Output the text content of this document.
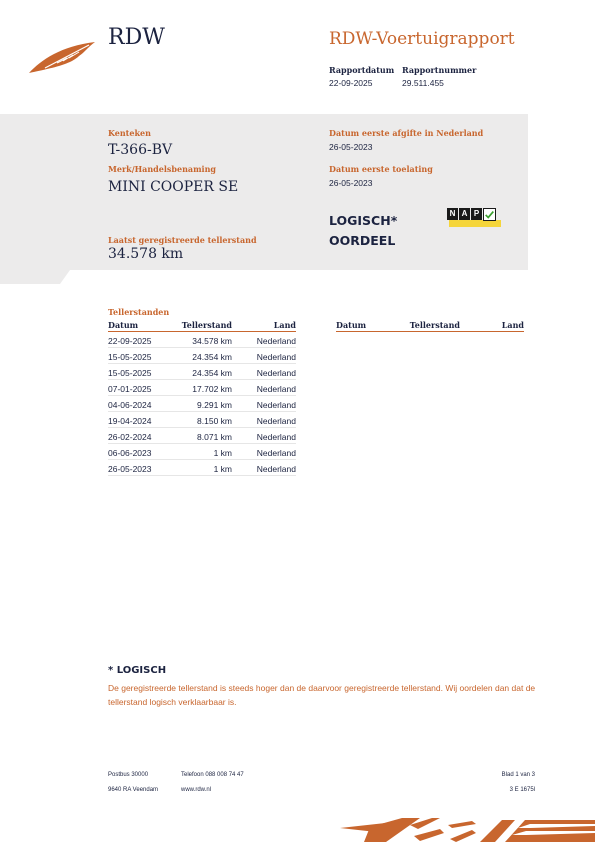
RDW	RDW-Voertuigrapport
Rapportdatum
22-09-2025
Rapportnummer
29.511.455
Kenteken
T-366-BV
Merk/Handelsbenaming
MINI COOPER SE
Laatst geregistreerde tellerstand
34.578 km
Datum eerste afgifte in Nederland
26-05-2023
Datum eerste toelating
26-05-2023
LOGISCH*
OORDEEL
N A P
Tellerstanden
Datum	Tellerstand	Land
22-09-2025	34.578 km	Nederland
15-05-2025	24.354 km	Nederland
15-05-2025	24.354 km	Nederland
07-01-2025	17.702 km	Nederland
04-06-2024	9.291 km	Nederland
19-04-2024	8.150 km	Nederland
26-02-2024	8.071 km	Nederland
06-06-2023	1 km	Nederland
26-05-2023	1 km	Nederland
Datum	Tellerstand	Land
* LOGISCH
De geregistreerde tellerstand is steeds hoger dan de daarvoor geregistreerde tellerstand. Wij oordelen dan dat de tellerstand logisch verklaarbaar is.
Postbus 30000
9640 RA Veendam
Telefoon 088 008 74 47
www.rdw.nl
Blad 1 van 3
3 E 1675l
